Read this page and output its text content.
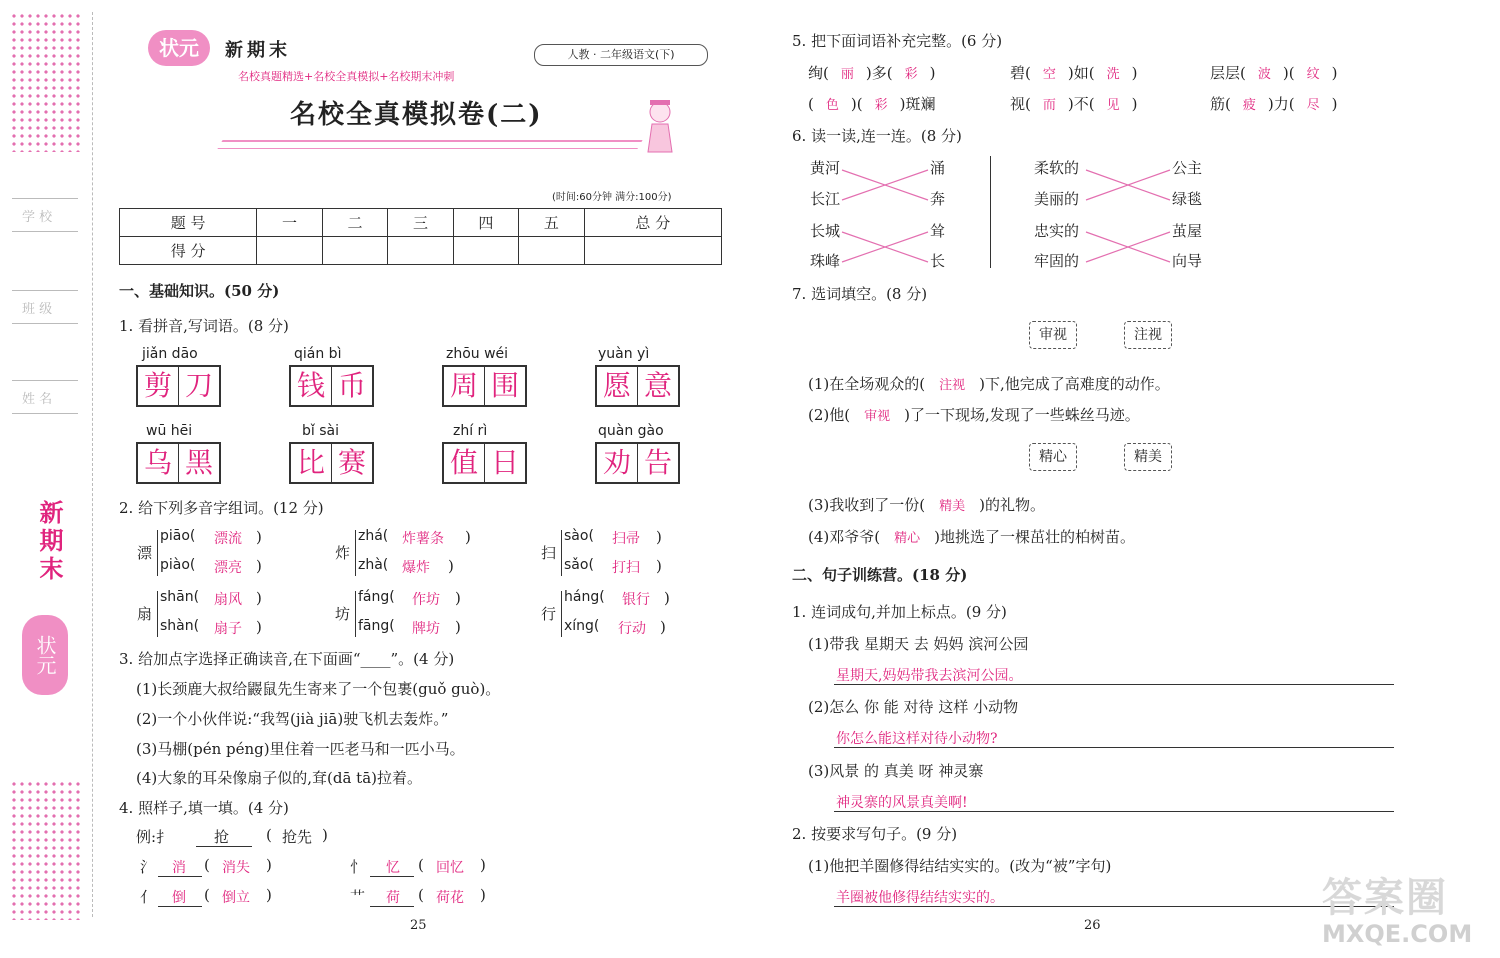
学 校
班 级
姓 名
新期末
状元
状元	新期末
名校真题精选+名校全真模拟+名校期末冲刺
人教 · 二年级语文(下)
名校全真模拟卷(二)
(时间:60分钟 满分:100分)
题 号	一	二	三	四	五	总 分
得 分						
一、基础知识。(50 分)
1. 看拼音,写词语。(8 分)
jiǎn dāo
剪 刀
qián bì
钱 币
zhōu wéi
周 围
yuàn yì
愿 意
wū hēi
乌 黑
bǐ sài
比 赛
zhí rì
值 日
quàn gào
劝 告
2. 给下列多音字组词。(12 分)
漂
piāo( 漂流 )
piào( 漂亮 )
炸
zhá( 炸薯条 )
zhà( 爆炸 )
扫
sào( 扫帚 )
sǎo( 打扫 )
扇
shān( 扇风 )
shàn( 扇子 )
坊
fáng( 作坊 )
fāng( 牌坊 )
行
háng( 银行 )
xíng( 行动 )
3. 给加点字选择正确读音,在下面画“____”。(4 分)
(1)长颈鹿大叔给鼹鼠先生寄来了一个包裹(guǒ guò)。
(2)一个小伙伴说:“我驾(jià jiā)驶飞机去轰炸。”
(3)马棚(pén péng)里住着一匹老马和一匹小马。
(4)大象的耳朵像扇子似的,耷(dā tā)拉着。
4. 照样子,填一填。(4 分)
例:扌	抢 ( 抢先 )
氵 消 ( 消失 )	忄 忆 ( 回忆 )
亻 倒 ( 倒立 )	艹 荷 ( 荷花 )
25
5. 把下面词语补充完整。(6 分)
绚( 丽 )多( 彩 )	碧( 空 )如( 洗 )	层层( 波 )( 纹 )
( 色 )( 彩 )斑斓	视( 而 )不( 见 )	筋( 疲 )力( 尽 )
6. 读一读,连一连。(8 分)
黄河
长江
长城
珠峰
涌
奔
耸
长
柔软的
美丽的
忠实的
牢固的
公主
绿毯
茧屋
向导
7. 选词填空。(8 分)
审视	注视
(1)在全场观众的( 注视 )下,他完成了高难度的动作。
(2)他( 审视 )了一下现场,发现了一些蛛丝马迹。
精心	精美
(3)我收到了一份( 精美 )的礼物。
(4)邓爷爷( 精心 )地挑选了一棵茁壮的柏树苗。
二、句子训练营。(18 分)
1. 连词成句,并加上标点。(9 分)
(1)带我 星期天 去 妈妈 滨河公园
星期天,妈妈带我去滨河公园。
(2)怎么 你 能 对待 这样 小动物
你怎么能这样对待小动物?
(3)风景 的 真美 呀 神灵寨
神灵寨的风景真美啊!
2. 按要求写句子。(9 分)
(1)他把羊圈修得结结实实的。(改为“被”字句)
羊圈被他修得结结实实的。
26
答案圈
MXQE.COM
